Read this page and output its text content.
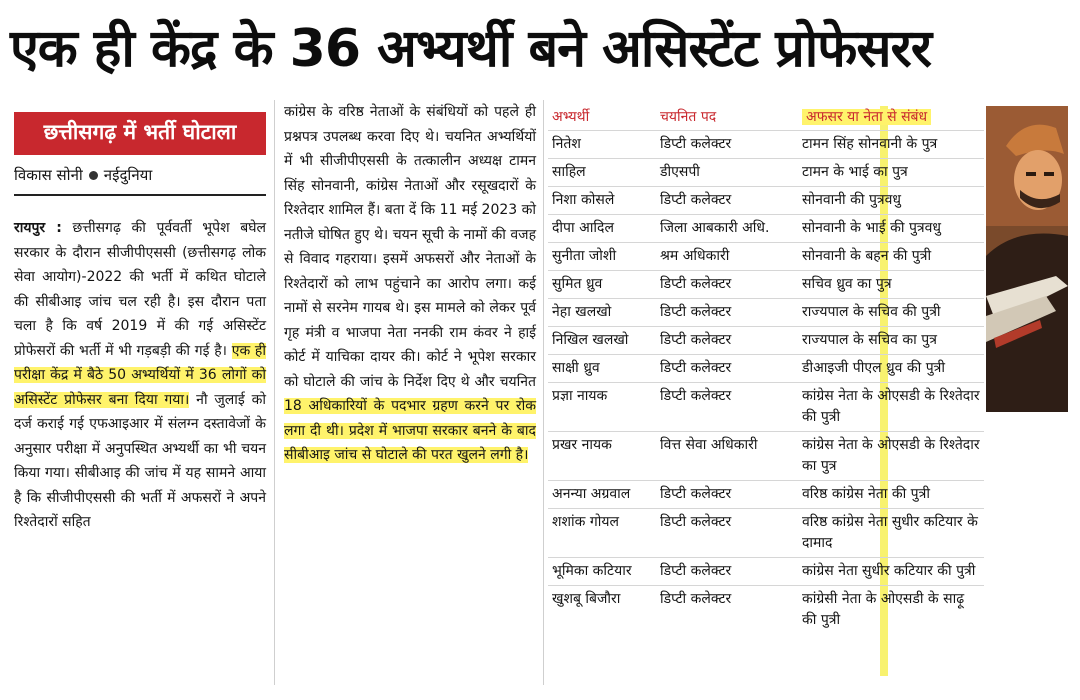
एक ही केंद्र के 36 अभ्यर्थी बने असिस्टेंट प्रोफेसरर
छत्तीसगढ़ में भर्ती घोटाला
विकास सोनी नईदुनिया
रायपुर : छत्तीसगढ़ की पूर्ववर्ती भूपेश बघेल सरकार के दौरान सीजीपीएससी (छत्तीसगढ़ लोक सेवा आयोग)-2022 की भर्ती में कथित घोटाले की सीबीआइ जांच चल रही है। इस दौरान पता चला है कि वर्ष 2019 में की गई असिस्टेंट प्रोफेसरों की भर्ती में भी गड़बड़ी की गई है। एक ही परीक्षा केंद्र में बैठे 50 अभ्यर्थियों में 36 लोगों को असिस्टेंट प्रोफेसर बना दिया गया। नौ जुलाई को दर्ज कराई गई एफआइआर में संलग्न दस्तावेजों के अनुसार परीक्षा में अनुपस्थित अभ्यर्थी का भी चयन किया गया। सीबीआइ की जांच में यह सामने आया है कि सीजीपीएससी की भर्ती में अफसरों ने अपने रिश्तेदारों सहित
कांग्रेस के वरिष्ठ नेताओं के संबंधियों को पहले ही प्रश्नपत्र उपलब्ध करवा दिए थे। चयनित अभ्यर्थियों में भी सीजीपीएससी के तत्कालीन अध्यक्ष टामन सिंह सोनवानी, कांग्रेस नेताओं और रसूखदारों के रिश्तेदार शामिल हैं। बता दें कि 11 मई 2023 को नतीजे घोषित हुए थे। चयन सूची के नामों की वजह से विवाद गहराया। इसमें अफसरों और नेताओं के रिश्तेदारों को लाभ पहुंचाने का आरोप लगा। कई नामों से सरनेम गायब थे। इस मामले को लेकर पूर्व गृह मंत्री व भाजपा नेता ननकी राम कंवर ने हाई कोर्ट में याचिका दायर की। कोर्ट ने भूपेश सरकार को घोटाले की जांच के निर्देश दिए थे और चयनित 18 अधिकारियों के पदभार ग्रहण करने पर रोक लगा दी थी। प्रदेश में भाजपा सरकार बनने के बाद सीबीआइ जांच से घोटाले की परत खुलने लगी है।
अभ्यर्थी	चयनित पद	अफसर या नेता से संबंध
नितेश	डिप्टी कलेक्टर	टामन सिंह सोनवानी के पुत्र
साहिल	डीएसपी	टामन के भाई का पुत्र
निशा कोसले	डिप्टी कलेक्टर	सोनवानी की पुत्रवधु
दीपा आदिल	जिला आबकारी अधि.	सोनवानी के भाई की पुत्रवधु
सुनीता जोशी	श्रम अधिकारी	सोनवानी के बहन की पुत्री
सुमित ध्रुव	डिप्टी कलेक्टर	सचिव ध्रुव का पुत्र
नेहा खलखो	डिप्टी कलेक्टर	राज्यपाल के सचिव की पुत्री
निखिल खलखो	डिप्टी कलेक्टर	राज्यपाल के सचिव का पुत्र
साक्षी ध्रुव	डिप्टी कलेक्टर	डीआइजी पीएल ध्रुव की पुत्री
प्रज्ञा नायक	डिप्टी कलेक्टर	कांग्रेस नेता के ओएसडी के रिश्तेदार की पुत्री
प्रखर नायक	वित्त सेवा अधिकारी	कांग्रेस नेता के ओएसडी के रिश्तेदार का पुत्र
अनन्या अग्रवाल	डिप्टी कलेक्टर	वरिष्ठ कांग्रेस नेता की पुत्री
शशांक गोयल	डिप्टी कलेक्टर	वरिष्ठ कांग्रेस नेता सुधीर कटियार के दामाद
भूमिका कटियार	डिप्टी कलेक्टर	कांग्रेस नेता सुधीर कटियार की पुत्री
खुशबू बिजौरा	डिप्टी कलेक्टर	कांग्रेसी नेता के ओएसडी के साढ़ू की पुत्री
